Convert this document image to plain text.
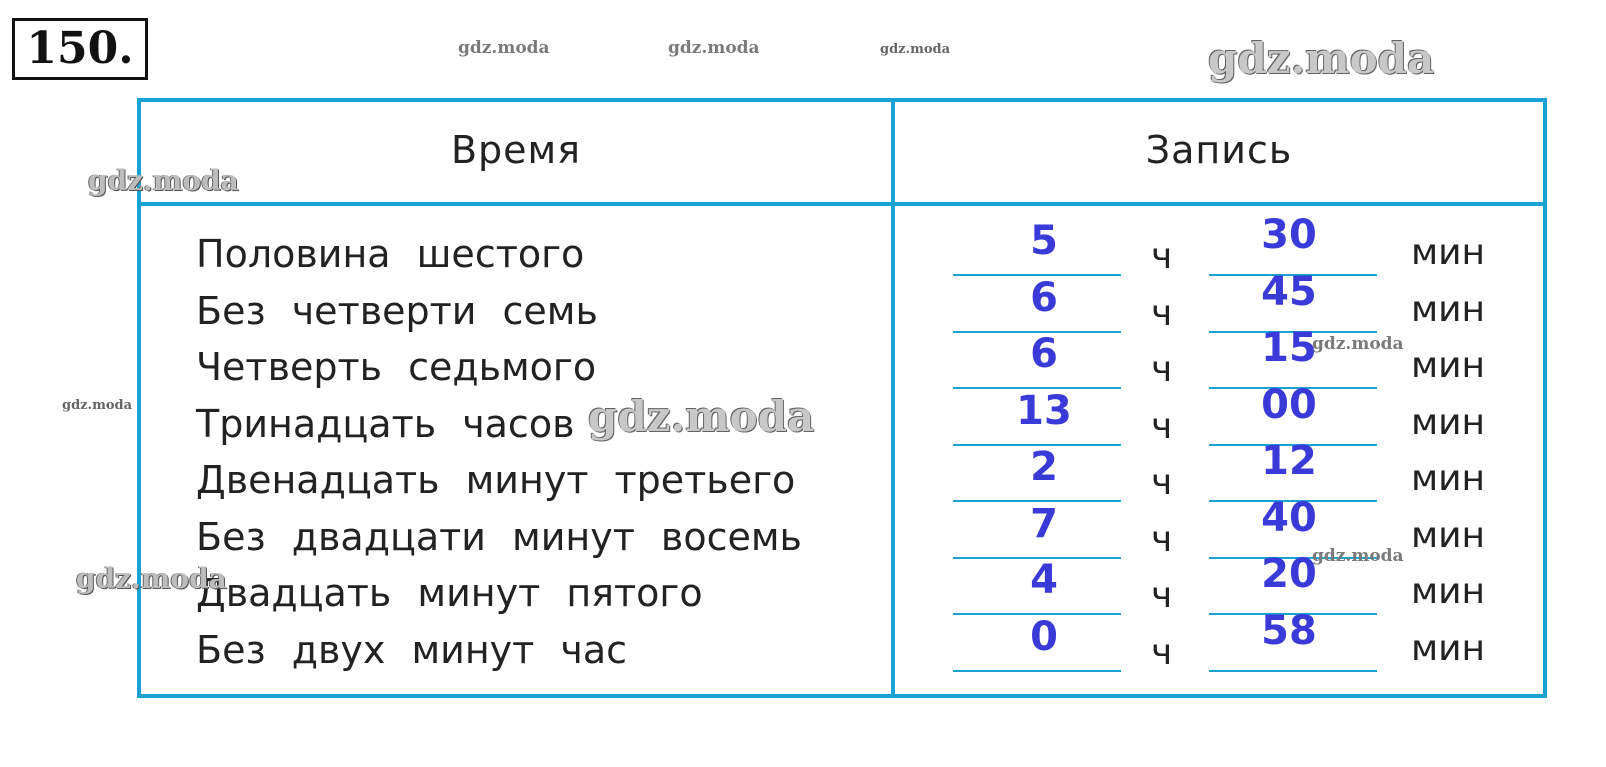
150.	gdz.moda	gdz.moda	gdz.moda	gdz.moda
Время	Запись
Половина шестого	5	ч	30	мин
Без четверти семь	6	ч	45	мин
Четверть седьмого	6	ч	15	мин
Тринадцать часов	13	ч	00	мин
Двенадцать минут третьего	2	ч	12	мин
Без двадцати минут восемь	7	ч	40	мин
Двадцать минут пятого	4	ч	20	мин
Без двух минут час	0	ч	58	мин
gdz.moda
gdz.moda	gdz.moda
gdz.moda
gdz.moda
gdz.moda
